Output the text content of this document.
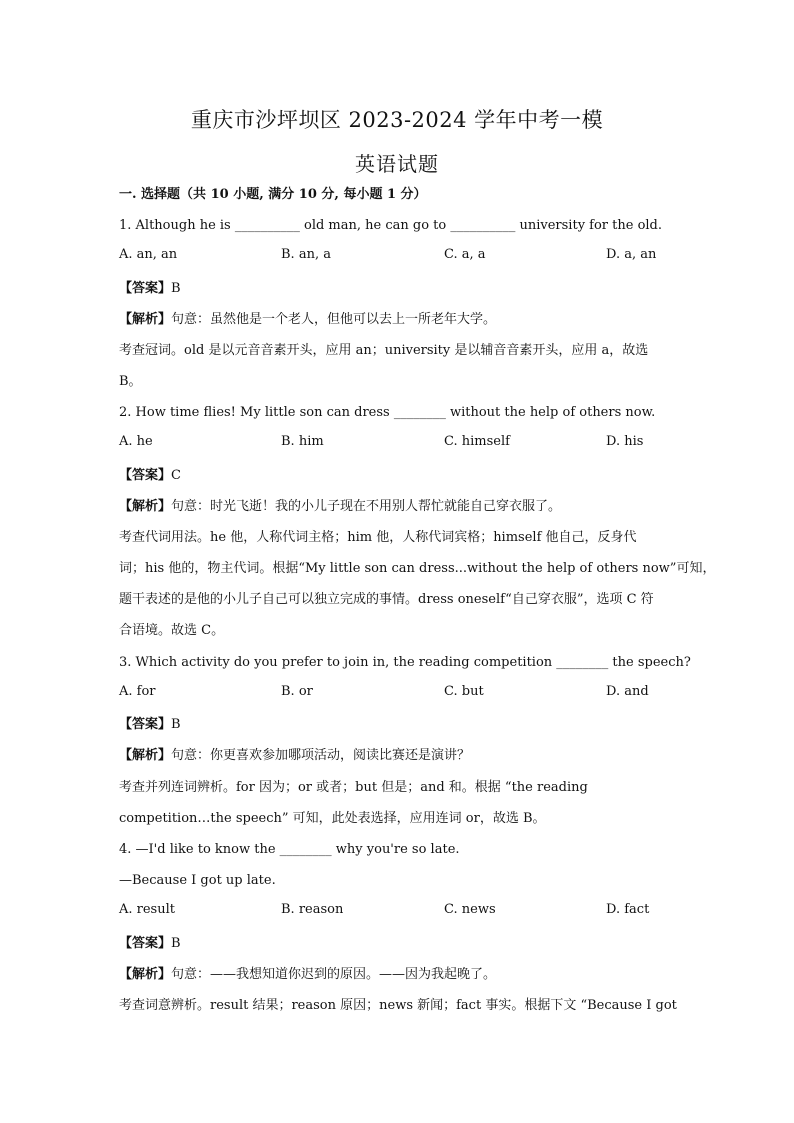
重庆市沙坪坝区 2023-2024 学年中考一模
英语试题
一. 选择题（共 10 小题, 满分 10 分, 每小题 1 分）
1. Although he is __________ old man, he can go to __________ university for the old.
A. an, an	B. an, a	C. a, a	D. a, an
【答案】B
【解析】句意：虽然他是一个老人，但他可以去上一所老年大学。
考查冠词。old 是以元音音素开头，应用 an；university 是以辅音音素开头，应用 a，故选
B。
2. How time flies! My little son can dress ________ without the help of others now.
A. he	B. him	C. himself	D. his
【答案】C
【解析】句意：时光飞逝！我的小儿子现在不用别人帮忙就能自己穿衣服了。
考查代词用法。he 他，人称代词主格；him 他，人称代词宾格；himself 他自己，反身代
词；his 他的，物主代词。根据“My little son can dress...without the help of others now”可知，
题干表述的是他的小儿子自己可以独立完成的事情。dress oneself“自己穿衣服”，选项 C 符
合语境。故选 C。
3. Which activity do you prefer to join in, the reading competition ________ the speech?
A. for	B. or	C. but	D. and
【答案】B
【解析】句意：你更喜欢参加哪项活动，阅读比赛还是演讲？
考查并列连词辨析。for 因为；or 或者；but 但是；and 和。根据 “the reading
competition…the speech” 可知，此处表选择，应用连词 or，故选 B。
4. —I'd like to know the ________ why you're so late.
—Because I got up late.
A. result	B. reason	C. news	D. fact
【答案】B
【解析】句意：——我想知道你迟到的原因。——因为我起晚了。
考查词意辨析。result 结果；reason 原因；news 新闻；fact 事实。根据下文 “Because I got
